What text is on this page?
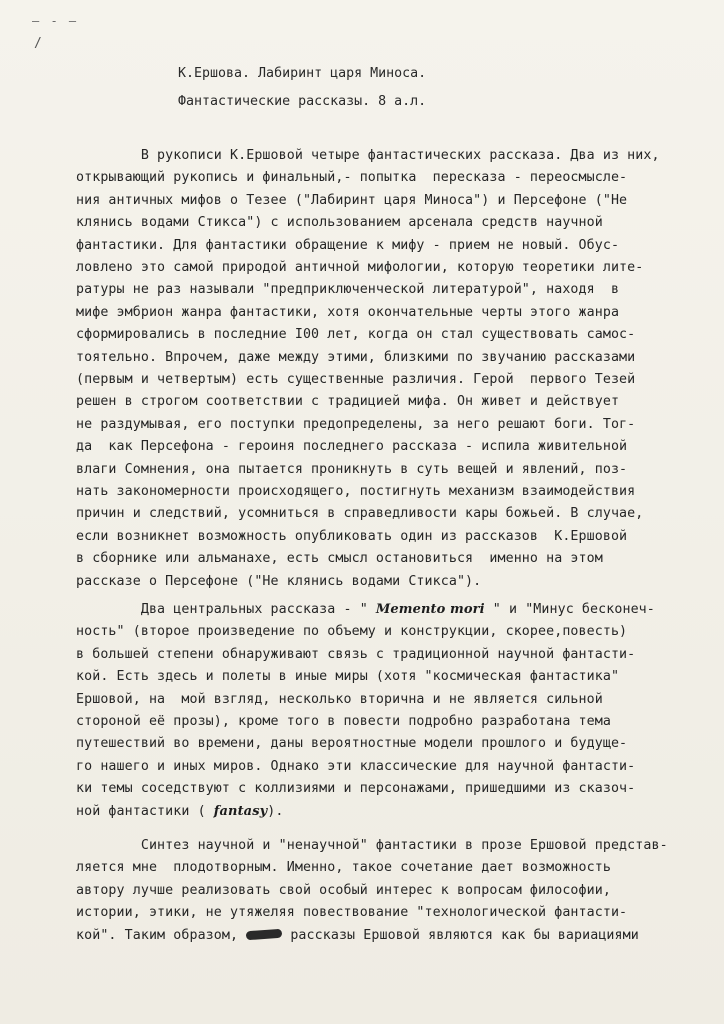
— - —
/
К.Ершова. Лабиринт царя Миноса.
Фантастические рассказы. 8 а.л.
В рукописи К.Ершовой четыре фантастических рассказа. Два из них,
открывающий рукопись и финальный,- попытка  пересказа - переосмысле-
ния античных мифов о Тезее ("Лабиринт царя Миноса") и Персефоне ("Не
клянись водами Стикса") с использованием арсенала средств научной
фантастики. Для фантастики обращение к мифу - прием не новый. Обус-
ловлено это самой природой античной мифологии, которую теоретики лите-
ратуры не раз называли "предприключенческой литературой", находя  в
мифе эмбрион жанра фантастики, хотя окончательные черты этого жанра
сформировались в последние I00 лет, когда он стал существовать самос-
тоятельно. Впрочем, даже между этими, близкими по звучанию рассказами
(первым и четвертым) есть существенные различия. Герой  первого Тезей
решен в строгом соответствии с традицией мифа. Он живет и действует
не раздумывая, его поступки предопределены, за него решают боги. Тог-
да  как Персефона - героиня последнего рассказа - испила живительной
влаги Сомнения, она пытается проникнуть в суть вещей и явлений, поз-
нать закономерности происходящего, постигнуть механизм взаимодействия
причин и следствий, усомниться в справедливости кары божьей. В случае,
если возникнет возможность опубликовать один из рассказов  К.Ершовой
в сборнике или альманахе, есть смысл остановиться  именно на этом
рассказе о Персефоне ("Не клянись водами Стикса").
Два центральных рассказа - " Memento mori " и "Минус бесконеч-
ность" (второе произведение по объему и конструкции, скорее,повесть)
в большей степени обнаруживают связь с традиционной научной фантасти-
кой. Есть здесь и полеты в иные миры (хотя "космическая фантастика"
Ершовой, на  мой взгляд, несколько вторична и не является сильной
стороной её прозы), кроме того в повести подробно разработана тема
путешествий во времени, даны вероятностные модели прошлого и будуще-
го нашего и иных миров. Однако эти классические для научной фантасти-
ки темы соседствуют с коллизиями и персонажами, пришедшими из сказоч-
ной фантастики ( fantasy).
Синтез научной и "ненаучной" фантастики в прозе Ершовой представ-
ляется мне  плодотворным. Именно, такое сочетание дает возможность
автору лучше реализовать свой особый интерес к вопросам философии,
истории, этики, не утяжеляя повествование "технологической фантасти-
кой". Таким образом,	рассказы Ершовой являются как бы вариациями
